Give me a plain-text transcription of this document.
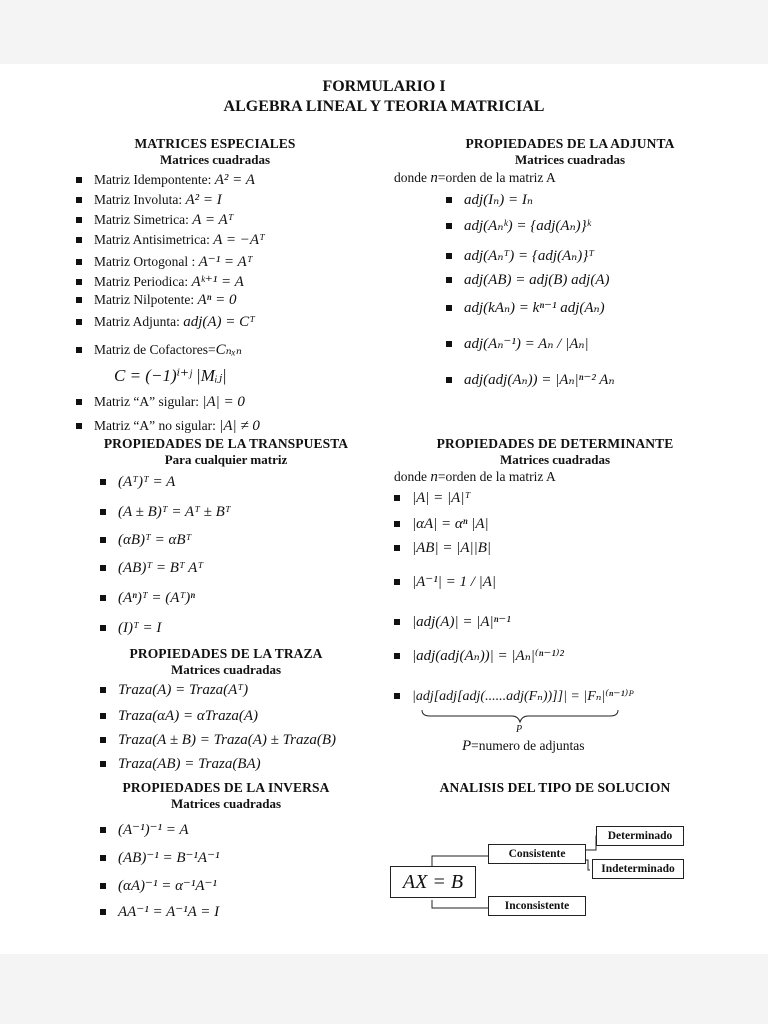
FORMULARIO I
ALGEBRA LINEAL Y TEORIA MATRICIAL
MATRICES ESPECIALES
Matrices cuadradas
Matriz Idempontente: A² = A
Matriz Involuta: A² = I
Matriz Simetrica: A = Aᵀ
Matriz Antisimetrica: A = −Aᵀ
Matriz Ortogonal : A⁻¹ = Aᵀ
Matriz Periodica: Aᵏ⁺¹ = A
Matriz Nilpotente: Aⁿ = 0
Matriz Adjunta: adj(A) = Cᵀ
Matriz de Cofactores=Cₙₓₙ
C = (−1)ⁱ⁺ʲ |Mᵢⱼ|
Matriz “A” sigular: |A| = 0
Matriz “A” no sigular: |A| ≠ 0
PROPIEDADES DE LA ADJUNTA
Matrices cuadradas
donde n=orden de la matriz A
adj(Iₙ) = Iₙ
adj(Aₙᵏ) = {adj(Aₙ)}ᵏ
adj(Aₙᵀ) = {adj(Aₙ)}ᵀ
adj(AB) = adj(B) adj(A)
adj(kAₙ) = kⁿ⁻¹ adj(Aₙ)
adj(Aₙ⁻¹) = Aₙ / |Aₙ|
adj(adj(Aₙ)) = |Aₙ|ⁿ⁻² Aₙ
PROPIEDADES DE LA TRANSPUESTA
Para cualquier matriz
(Aᵀ)ᵀ = A
(A ± B)ᵀ = Aᵀ ± Bᵀ
(αB)ᵀ = αBᵀ
(AB)ᵀ = Bᵀ Aᵀ
(Aⁿ)ᵀ = (Aᵀ)ⁿ
(I)ᵀ = I
PROPIEDADES DE DETERMINANTE
Matrices cuadradas
donde n=orden de la matriz A
|A| = |A|ᵀ
|αA| = αⁿ |A|
|AB| = |A||B|
|A⁻¹| = 1 / |A|
|adj(A)| = |A|ⁿ⁻¹
|adj(adj(Aₙ))| = |Aₙ|⁽ⁿ⁻¹⁾²
|adj[adj[adj(......adj(Fₙ))]]| = |Fₙ|⁽ⁿ⁻¹⁾ᴾ
P
P=numero de adjuntas
PROPIEDADES DE LA TRAZA
Matrices cuadradas
Traza(A) = Traza(Aᵀ)
Traza(αA) = αTraza(A)
Traza(A ± B) = Traza(A) ± Traza(B)
Traza(AB) = Traza(BA)
PROPIEDADES DE LA INVERSA
Matrices cuadradas
(A⁻¹)⁻¹ = A
(AB)⁻¹ = B⁻¹A⁻¹
(αA)⁻¹ = α⁻¹A⁻¹
AA⁻¹ = A⁻¹A = I
ANALISIS DEL TIPO DE SOLUCION
AX = B
Consistente
Inconsistente
Determinado
Indeterminado
